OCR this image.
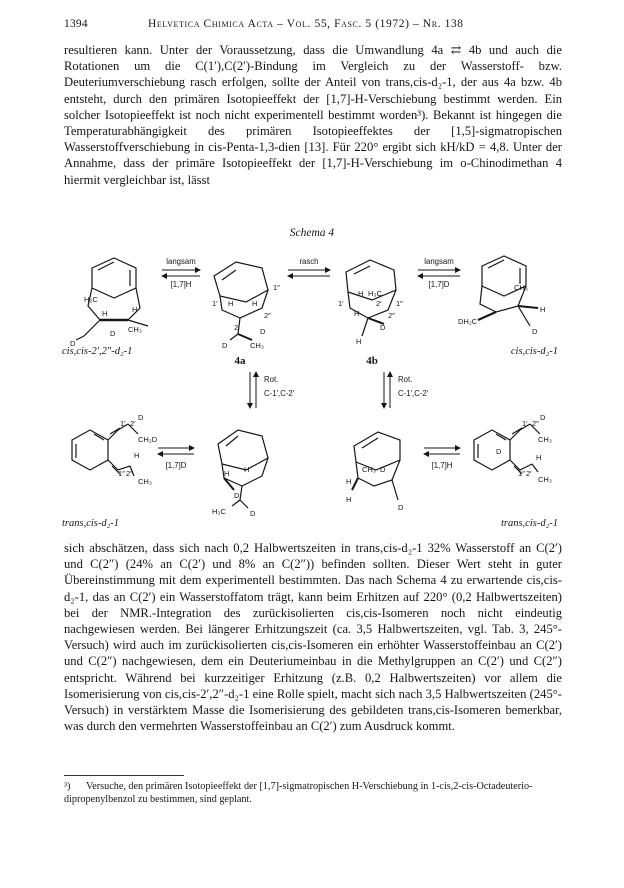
1394	Helvetica Chimica Acta – Vol. 55, Fasc. 5 (1972) – Nr. 138

resultieren kann. Unter der Voraussetzung, dass die Umwandlung 4a ⇄ 4b und auch die Rotationen um die C(1′),C(2′)-Bindung im Vergleich zu der Wasserstoff- bzw. Deuteriumverschiebung rasch erfolgen, sollte der Anteil von trans,cis-d₂-1, der aus 4a bzw. 4b entsteht, durch den primären Isotopieeffekt der [1,7]-H-Verschiebung bestimmt werden. Ein solcher Isotopieeffekt ist noch nicht experimentell bestimmt worden³). Bekannt ist hingegen die Temperaturabhängigkeit des primären Isotopieeffektes der [1,5]-sigmatropischen Wasserstoffverschiebung in cis-Penta-1,3-dien [13]. Für 220° ergibt sich kH/kD = 4,8. Unter der Annahme, dass der primäre Isotopieeffekt der [1,7]-H-Verschiebung im o-Chinodimethan 4 hiermit vergleichbar ist, lässt

Schema 4
H₂C
CH₃
D
D
H	H
cis,cis-2′,2″-d₂-1
langsam
[1,7]H
1′ H H
2″
1″
2′
D	CH₃
D
4a
rasch
H H₃C
1′	2′ 1″
2″
H
D
H
4b
langsam
[1,7]D	CH₃
DH₂C
H
D
cis,cis-d₂-1
Rot.
C-1′,C-2′
Rot.
C-1′,C-2′
1′ 2′
D
CH₂D
H
1″ 2″
CH₃
trans,cis-d₂-1
[1,7]D
H H
D
H₃C	D
CH₃ D
H
H
D
[1,7]H
1′ 2″
D
CH₃
D
H
1″ 2′
CH₃
trans,cis-d₂-1

sich abschätzen, dass sich nach 0,2 Halbwertszeiten in trans,cis-d₂-1 32% Wasserstoff an C(2′) und C(2″) (24% an C(2′) und 8% an C(2″)) befinden sollten. Dieser Wert steht in guter Übereinstimmung mit dem experimentell bestimmten. Das nach Schema 4 zu erwartende cis,cis-d₂-1, das an C(2′) ein Wasserstoffatom trägt, kann beim Erhitzen auf 220° (0,2 Halbwertszeiten) bei der NMR.-Integration des zurückisolierten cis,cis-Isomeren noch nicht eindeutig nachgewiesen werden. Bei längerer Erhitzungszeit (ca. 3,5 Halbwertszeiten, vgl. Tab. 3, 245°-Versuch) wird auch im zurückisolierten cis,cis-Isomeren ein erhöhter Wasserstoffeinbau an C(2′) und C(2″) nachgewiesen, dem ein Deuteriumeinbau in die Methylgruppen an C(2′) und C(2″) entspricht. Während bei kurzzeitiger Erhitzung (z.B. 0,2 Halbwertszeiten) vor allem die Isomerisierung von cis,cis-2′,2″-d₂-1 eine Rolle spielt, macht sich nach 3,5 Halbwertszeiten (245°-Versuch) in verstärktem Masse die Isomerisierung des gebildeten trans,cis-Isomeren bemerkbar, was durch den vermehrten Wasserstoffeinbau an C(2′) zum Ausdruck kommt.

³) Versuche, den primären Isotopieeffekt der [1,7]-sigmatropischen H-Verschiebung in 1-cis,2-cis-Octadeuterio-dipropenylbenzol zu bestimmen, sind geplant.
